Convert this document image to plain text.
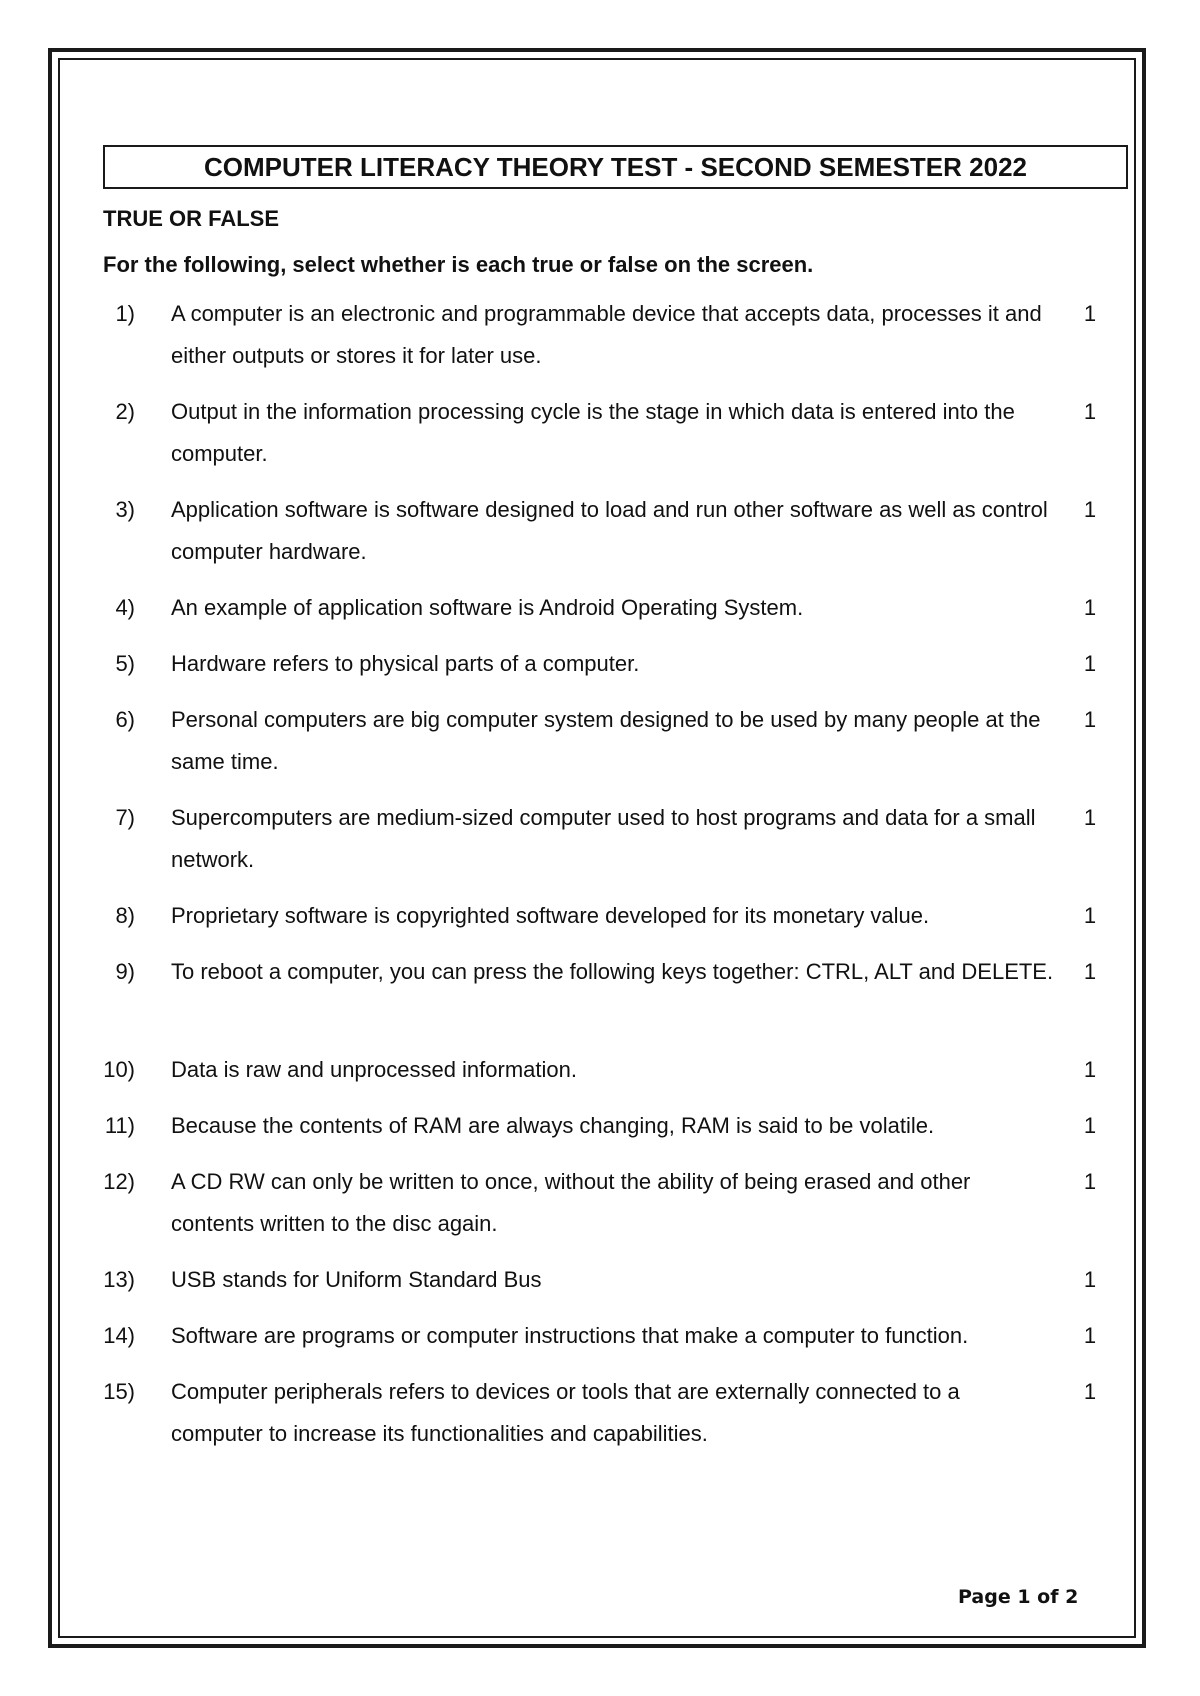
COMPUTER LITERACY THEORY TEST - SECOND SEMESTER 2022
TRUE OR FALSE
For the following, select whether is each true or false on the screen.
1) A computer is an electronic and programmable device that accepts data, processes it and either outputs or stores it for later use.
1
2) Output in the information processing cycle is the stage in which data is entered into the computer.
1
3) Application software is software designed to load and run other software as well as control computer hardware.
1
4) An example of application software is Android Operating System.	1
5) Hardware refers to physical parts of a computer.	1
6) Personal computers are big computer system designed to be used by many people at the same time.
1
7) Supercomputers are medium-sized computer used to host programs and data for a small network.
1
8) Proprietary software is copyrighted software developed for its monetary value.	1
9) To reboot a computer, you can press the following keys together: CTRL, ALT and DELETE.	1
10) Data is raw and unprocessed information.	1
11) Because the contents of RAM are always changing, RAM is said to be volatile.	1
12) A CD RW can only be written to once, without the ability of being erased and other contents written to the disc again.
1
13) USB stands for Uniform Standard Bus	1
14) Software are programs or computer instructions that make a computer to function.	1
15) Computer peripherals refers to devices or tools that are externally connected to a computer to increase its functionalities and capabilities.
1
Page 1 of 2
